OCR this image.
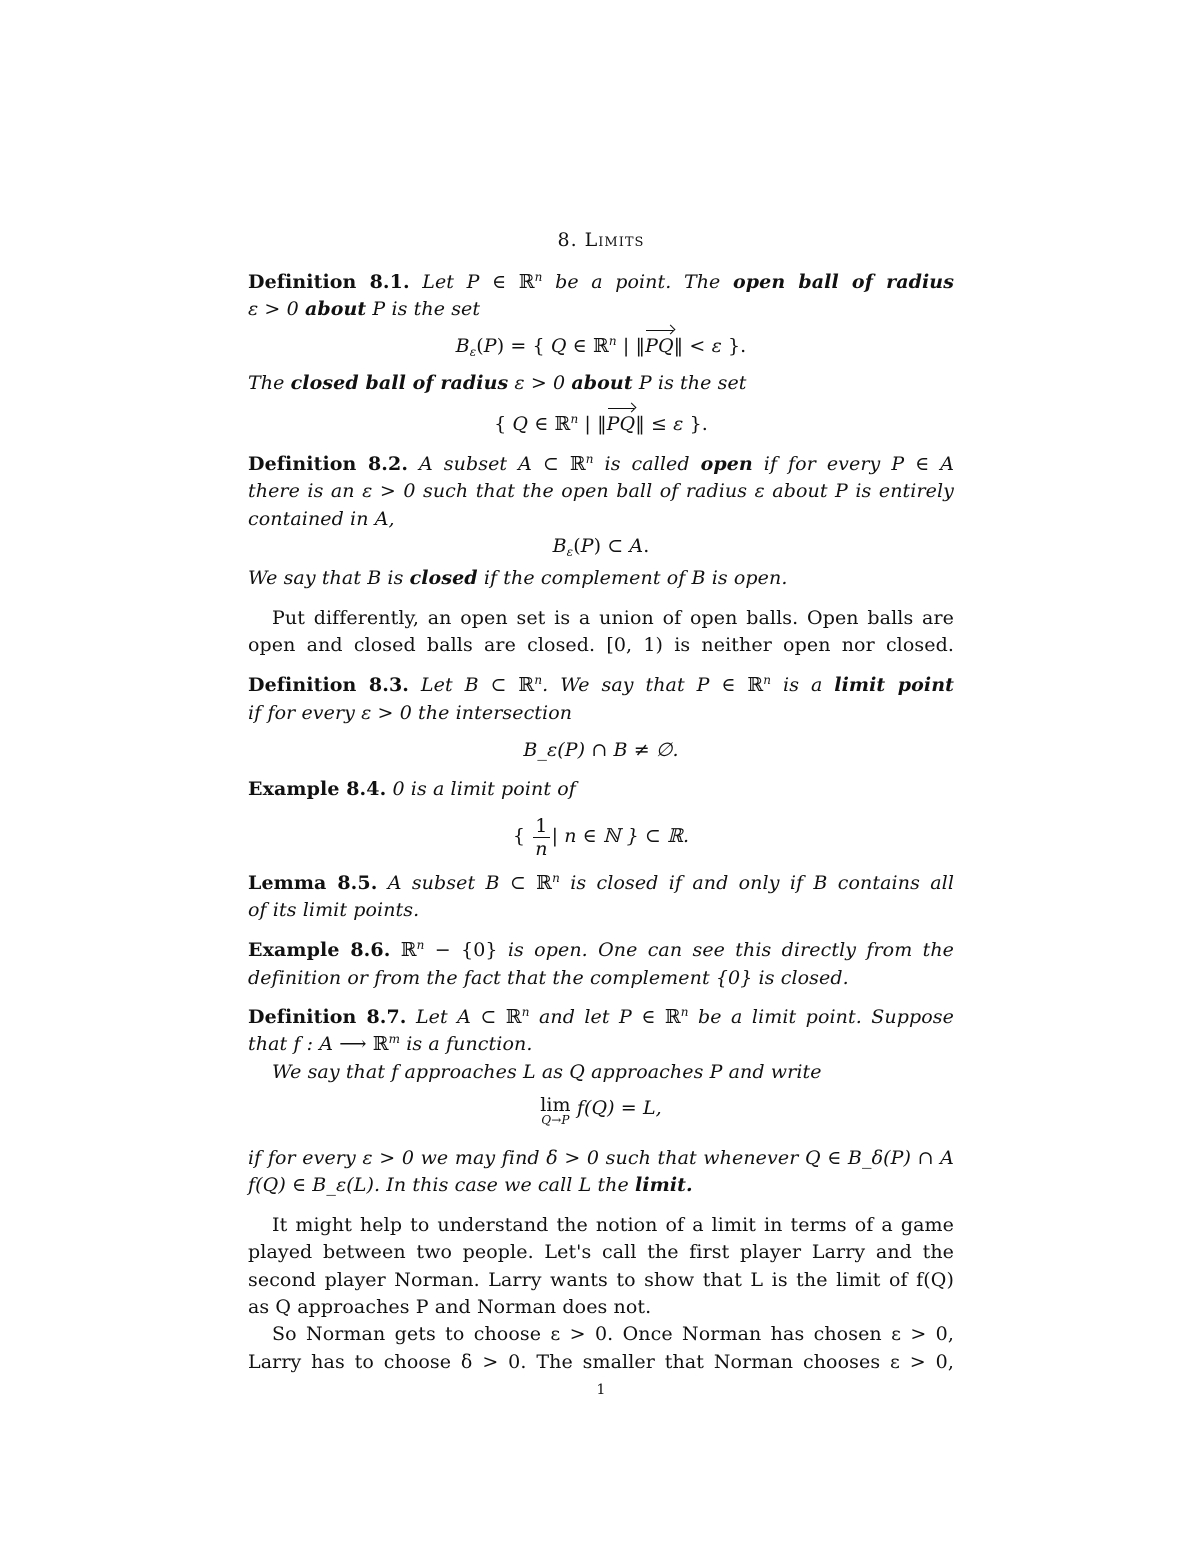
8. Limits
Definition 8.1. Let P ∈ ℝ$^n$ be a point. The open ball of radius
ε > 0 about P is the set
$B_\varepsilon(P)$ = { Q ∈ ℝ$^n$ | ‖PQ‖ < ε }.
The closed ball of radius ε > 0 about P is the set
{ Q ∈ ℝ$^n$ | ‖PQ‖ ≤ ε }.
Definition 8.2. A subset A ⊂ ℝ$^n$ is called open if for every P ∈ A
there is an ε > 0 such that the open ball of radius ε about P is entirely
contained in A,
$B_\varepsilon(P)$ ⊂ A.
We say that B is closed if the complement of B is open.
Put differently, an open set is a union of open balls. Open balls are
open and closed balls are closed. [0, 1) is neither open nor closed.
Definition 8.3. Let B ⊂ ℝ$^n$. We say that P ∈ ℝ$^n$ is a limit point
if for every ε > 0 the intersection
B_ε(P) ∩ B ≠ ∅.
Example 8.4. 0 is a limit point of
{ $\frac{1}{n}$ | n ∈ ℕ } ⊂ ℝ.
Lemma 8.5. A subset B ⊂ ℝ$^n$ is closed if and only if B contains all
of its limit points.
Example 8.6. ℝ$^n$ − {0} is open. One can see this directly from the
definition or from the fact that the complement {0} is closed.
Definition 8.7. Let A ⊂ ℝ$^n$ and let P ∈ ℝ$^n$ be a limit point. Suppose
that f : A ⟶ ℝ$^m$ is a function.
We say that f approaches L as Q approaches P and write
lim
Q→P
f(Q) = L,
if for every ε > 0 we may find δ > 0 such that whenever Q ∈ B_δ(P) ∩ A
f(Q) ∈ B_ε(L). In this case we call L the limit.
It might help to understand the notion of a limit in terms of a game
played between two people. Let's call the first player Larry and the
second player Norman. Larry wants to show that L is the limit of f(Q)
as Q approaches P and Norman does not.
So Norman gets to choose ε > 0. Once Norman has chosen ε > 0,
Larry has to choose δ > 0. The smaller that Norman chooses ε > 0,
1
